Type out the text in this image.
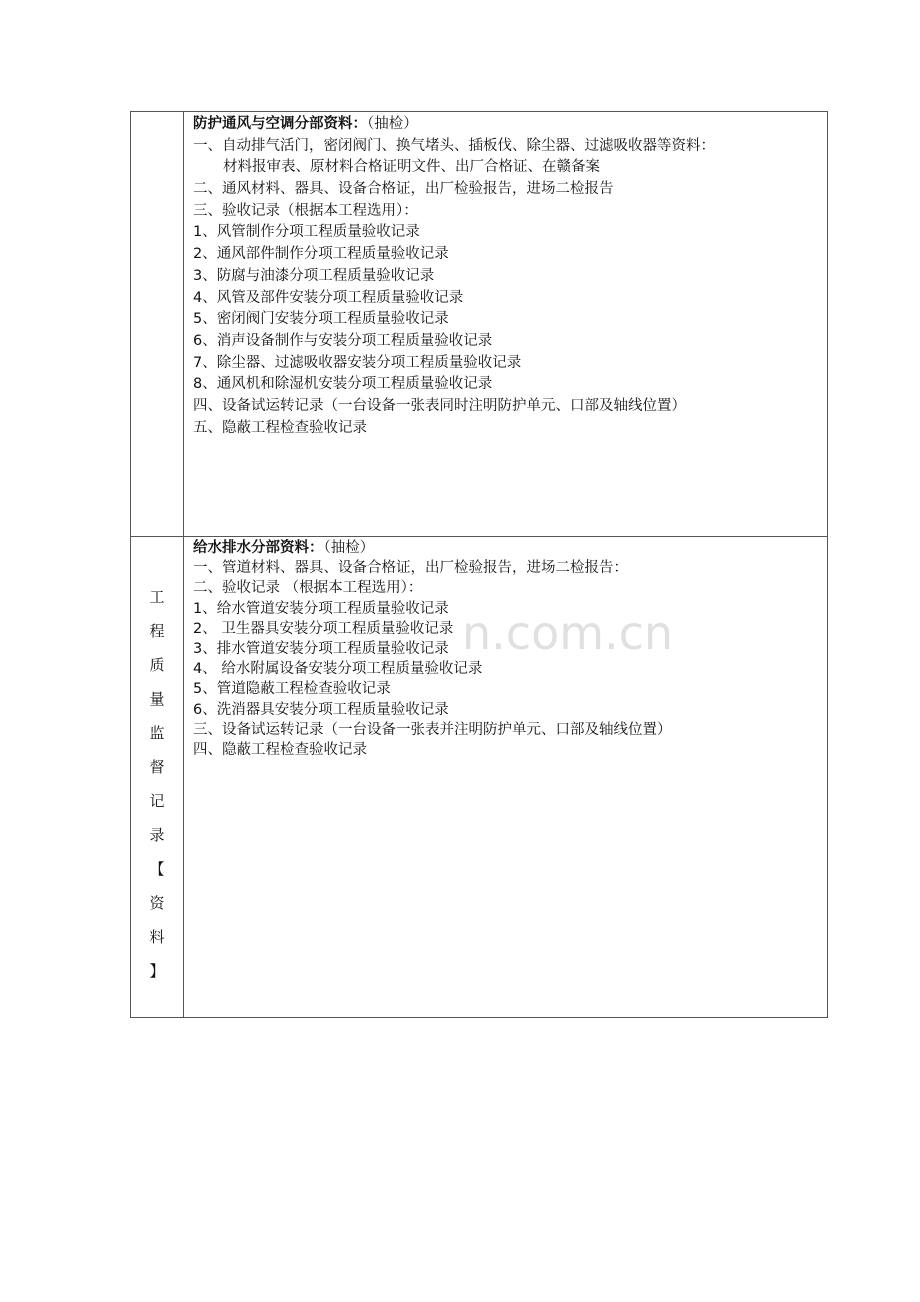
防护通风与空调分部资料：（抽检）
一、自动排气活门，密闭阀门、换气堵头、插板伐、除尘器、过滤吸收器等资料：
材料报审表、原材料合格证明文件、出厂合格证、在赣备案
二、通风材料、器具、设备合格证，出厂检验报告，进场二检报告
三、验收记录（根据本工程选用）：
1、风管制作分项工程质量验收记录
2、通风部件制作分项工程质量验收记录
3、防腐与油漆分项工程质量验收记录
4、风管及部件安装分项工程质量验收记录
5、密闭阀门安装分项工程质量验收记录
6、消声设备制作与安装分项工程质量验收记录
7、除尘器、过滤吸收器安装分项工程质量验收记录
8、通风机和除湿机安装分项工程质量验收记录
四、设备试运转记录（一台设备一张表同时注明防护单元、口部及轴线位置）
五、隐蔽工程检查验收记录
给水排水分部资料：（抽检）
一、管道材料、器具、设备合格证，出厂检验报告，进场二检报告：
二、验收记录 （根据本工程选用）：
1、给水管道安装分项工程质量验收记录
2、 卫生器具安装分项工程质量验收记录
3、排水管道安装分项工程质量验收记录
4、 给水附属设备安装分项工程质量验收记录
5、管道隐蔽工程检查验收记录
6、洗消器具安装分项工程质量验收记录
三、设备试运转记录（一台设备一张表并注明防护单元、口部及轴线位置）
四、隐蔽工程检查验收记录
工
程
质
量
监
督
记
录
【
资
料
】
n.com.cn
